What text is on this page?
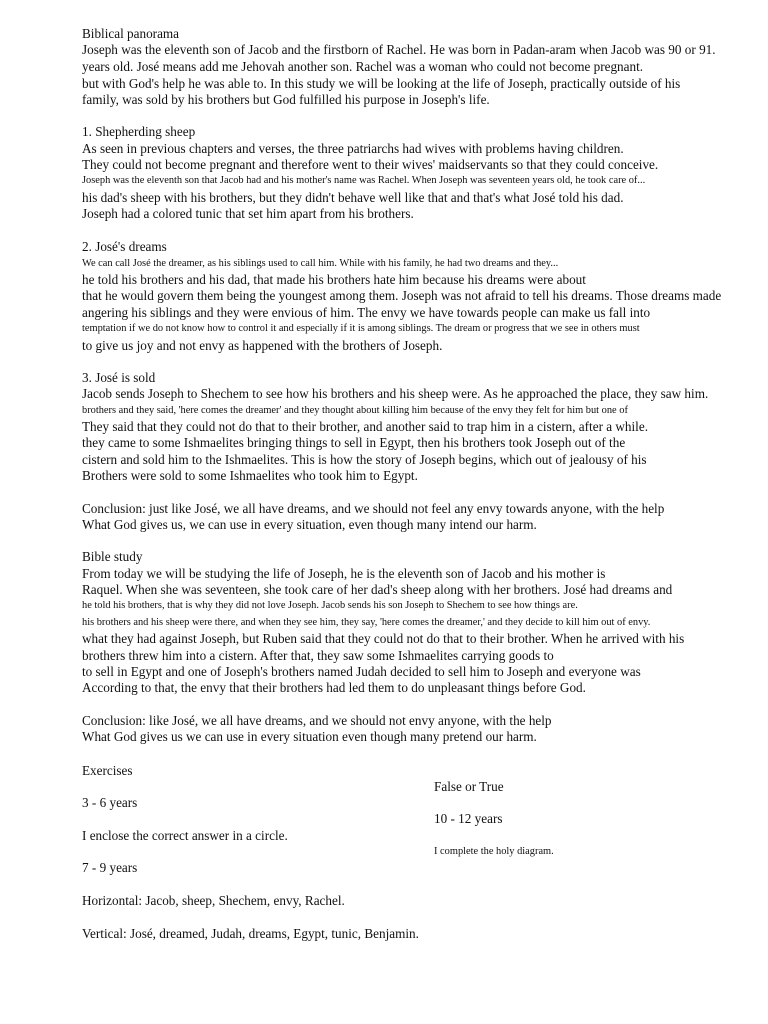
Biblical panorama
Joseph was the eleventh son of Jacob and the firstborn of Rachel. He was born in Padan-aram when Jacob was 90 or 91.
years old. José means add me Jehovah another son. Rachel was a woman who could not become pregnant.
but with God's help he was able to. In this study we will be looking at the life of Joseph, practically outside of his
family, was sold by his brothers but God fulfilled his purpose in Joseph's life.
1. Shepherding sheep
As seen in previous chapters and verses, the three patriarchs had wives with problems having children.
They could not become pregnant and therefore went to their wives' maidservants so that they could conceive.
Joseph was the eleventh son that Jacob had and his mother's name was Rachel. When Joseph was seventeen years old, he took care of...
his dad's sheep with his brothers, but they didn't behave well like that and that's what José told his dad.
Joseph had a colored tunic that set him apart from his brothers.
2. José's dreams
We can call José the dreamer, as his siblings used to call him. While with his family, he had two dreams and they...
he told his brothers and his dad, that made his brothers hate him because his dreams were about
that he would govern them being the youngest among them. Joseph was not afraid to tell his dreams. Those dreams made
angering his siblings and they were envious of him. The envy we have towards people can make us fall into
temptation if we do not know how to control it and especially if it is among siblings. The dream or progress that we see in others must
to give us joy and not envy as happened with the brothers of Joseph.
3. José is sold
Jacob sends Joseph to Shechem to see how his brothers and his sheep were. As he approached the place, they saw him.
brothers and they said, 'here comes the dreamer' and they thought about killing him because of the envy they felt for him but one of
They said that they could not do that to their brother, and another said to trap him in a cistern, after a while.
they came to some Ishmaelites bringing things to sell in Egypt, then his brothers took Joseph out of the
cistern and sold him to the Ishmaelites. This is how the story of Joseph begins, which out of jealousy of his
Brothers were sold to some Ishmaelites who took him to Egypt.
Conclusion: just like José, we all have dreams, and we should not feel any envy towards anyone, with the help
What God gives us, we can use in every situation, even though many intend our harm.
Bible study
From today we will be studying the life of Joseph, he is the eleventh son of Jacob and his mother is
Raquel. When she was seventeen, she took care of her dad's sheep along with her brothers. José had dreams and
he told his brothers, that is why they did not love Joseph. Jacob sends his son Joseph to Shechem to see how things are.
his brothers and his sheep were there, and when they see him, they say, 'here comes the dreamer,' and they decide to kill him out of envy.
what they had against Joseph, but Ruben said that they could not do that to their brother. When he arrived with his
brothers threw him into a cistern. After that, they saw some Ishmaelites carrying goods to
to sell in Egypt and one of Joseph's brothers named Judah decided to sell him to Joseph and everyone was
According to that, the envy that their brothers had led them to do unpleasant things before God.
Conclusion: like José, we all have dreams, and we should not envy anyone, with the help
What God gives us we can use in every situation even though many pretend our harm.
Exercises
False or True
3 - 6 years
10 - 12 years
I enclose the correct answer in a circle.
I complete the holy diagram.
7 - 9 years
Horizontal: Jacob, sheep, Shechem, envy, Rachel.
Vertical: José, dreamed, Judah, dreams, Egypt, tunic, Benjamin.
